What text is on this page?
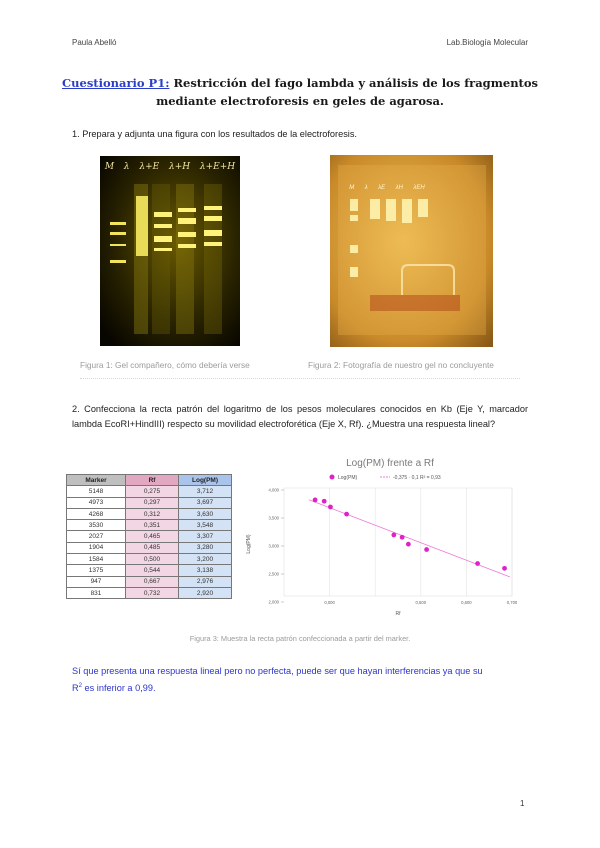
Paula Abelló	Lab.Biología Molecular
Cuestionario P1: Restricción del fago lambda y análisis de los fragmentos
mediante electroforesis en geles de agarosa.
1. Prepara y adjunta una figura con los resultados de la electroforesis.
M λ λ+E λ+H λ+E+H
M λ λE λH λEH
Figura 1: Gel compañero, cómo debería verse	Figura 2: Fotografía de nuestro gel no concluyente
2. Confecciona la recta patrón del logaritmo de los pesos moleculares conocidos en Kb (Eje Y, marcador lambda EcoRI+HindIII) respecto su movilidad electroforética (Eje X, Rf). ¿Muestra una respuesta lineal?
Marker	Rf	Log(PM)
5148	0,275	3,712
4973	0,297	3,697
4268	0,312	3,630
3530	0,351	3,548
2027	0,465	3,307
1904	0,485	3,280
1584	0,500	3,200
1375	0,544	3,138
947	0,667	2,976
831	0,732	2,920
Log(PM) frente a Rf
Log(PM)	-0,375 · 0,1 R² = 0,93
Log(PM)
Rf
4,000
3,500
3,000
2,500
2,000	0,000	0,500	0,600	0,700
Figura 3: Muestra la recta patrón confeccionada a partir del marker.
Sí que presenta una respuesta lineal pero no perfecta, puede ser que hayan interferencias ya que su
$R^2$ es inferior a 0,99.
1
